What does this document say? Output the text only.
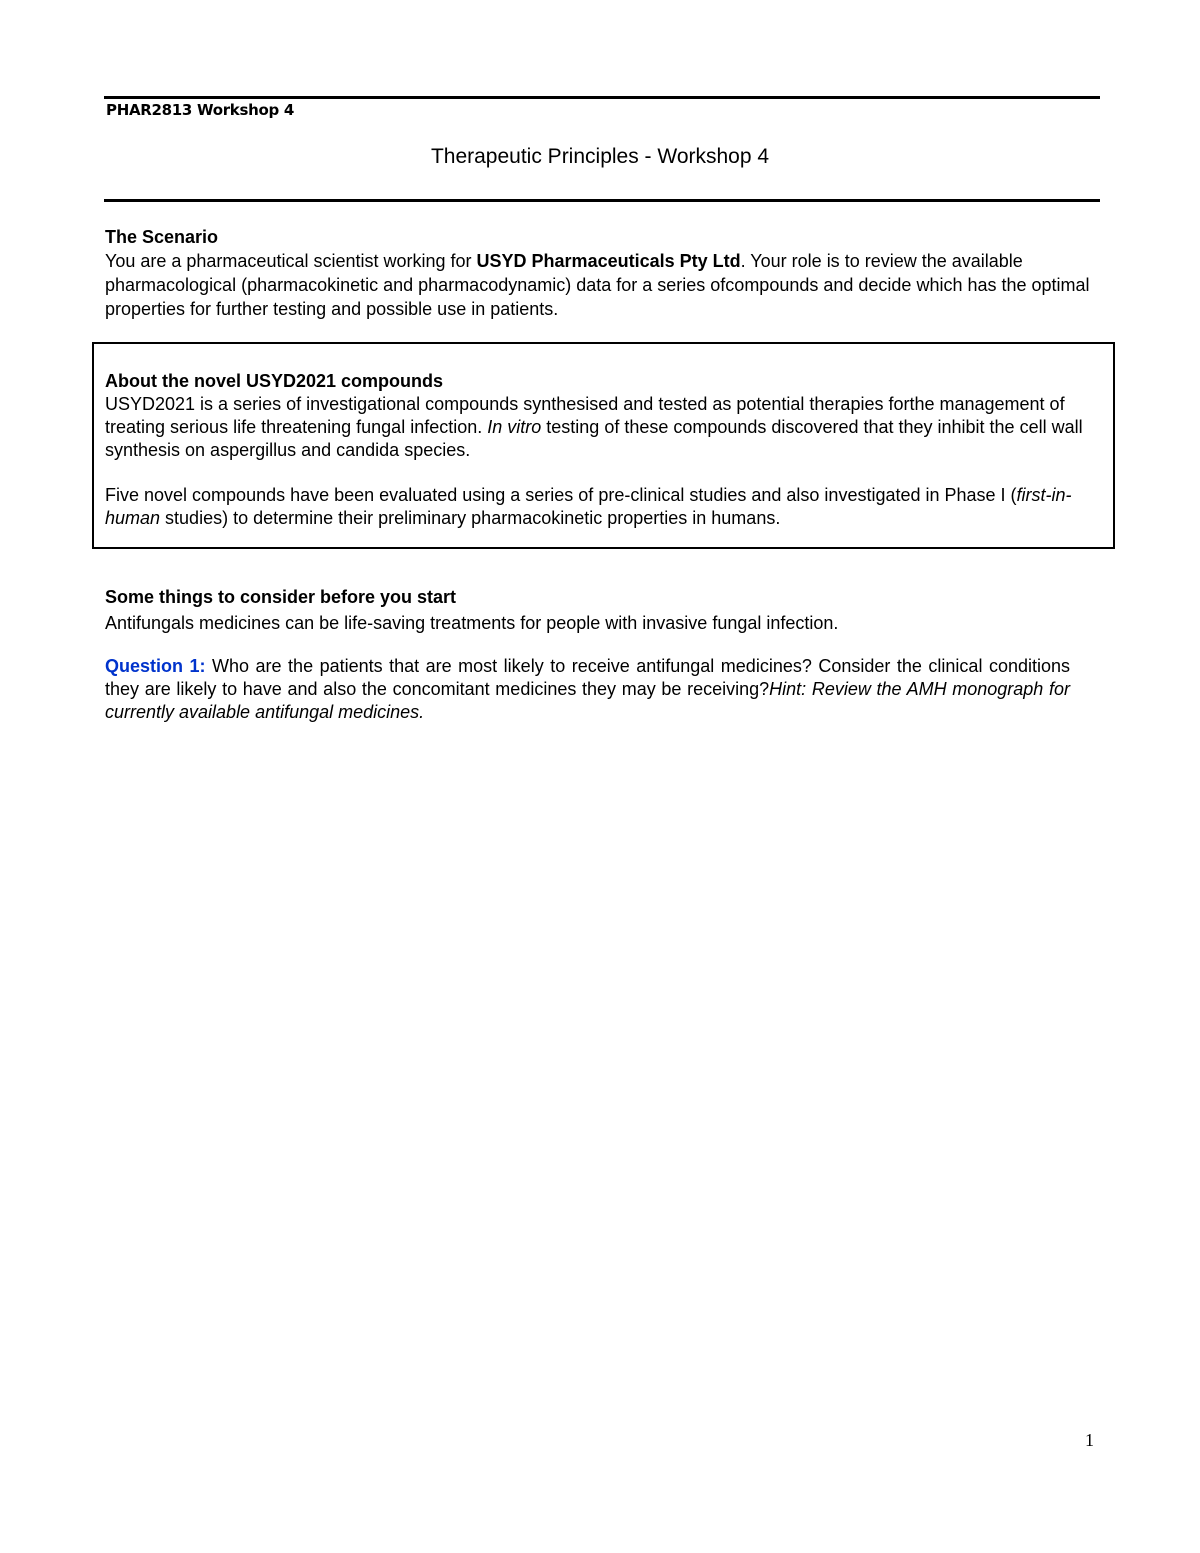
PHAR2813 Workshop 4
Therapeutic Principles - Workshop 4

The Scenario

You are a pharmaceutical scientist working for USYD Pharmaceuticals Pty Ltd. Your role is to review the available pharmacological (pharmacokinetic and pharmacodynamic) data for a series ofcompounds and decide which has the optimal properties for further testing and possible use in patients.

About the novel USYD2021 compounds

USYD2021 is a series of investigational compounds synthesised and tested as potential therapies forthe management of treating serious life threatening fungal infection. In vitro testing of these compounds discovered that they inhibit the cell wall synthesis on aspergillus and candida species.

Five novel compounds have been evaluated using a series of pre-clinical studies and also investigated in Phase I (first-in-human studies) to determine their preliminary pharmacokinetic properties in humans.

Some things to consider before you start

Antifungals medicines can be life-saving treatments for people with invasive fungal infection.

Question 1: Who are the patients that are most likely to receive antifungal medicines? Consider the clinical conditions they are likely to have and also the concomitant medicines they may be receiving?Hint: Review the AMH monograph for currently available antifungal medicines.

1
